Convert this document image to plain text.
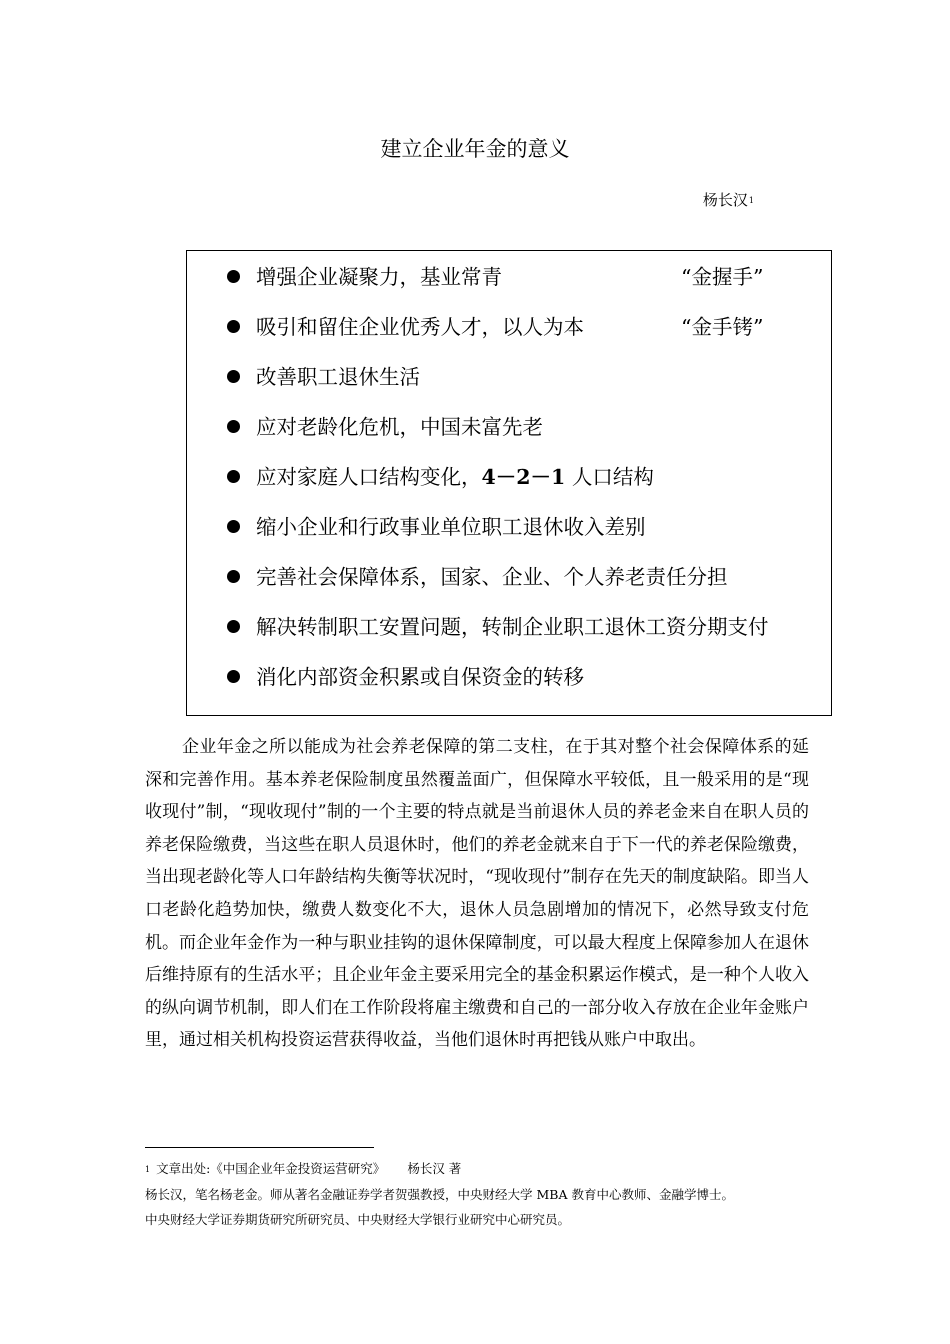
建立企业年金的意义
杨长汉$^1$
增强企业凝聚力，基业常青	“金握手”
吸引和留住企业优秀人才，以人为本	“金手铐”
改善职工退休生活
应对老龄化危机，中国未富先老
应对家庭人口结构变化，4－2－1 人口结构
缩小企业和行政事业单位职工退休收入差别
完善社会保障体系，国家、企业、个人养老责任分担
解决转制职工安置问题，转制企业职工退休工资分期支付
消化内部资金积累或自保资金的转移

企业年金之所以能成为社会养老保障的第二支柱，在于其对整个社会保障体系的延深和完善作用。基本养老保险制度虽然覆盖面广，但保障水平较低，且一般采用的是“现收现付”制，“现收现付”制的一个主要的特点就是当前退休人员的养老金来自在职人员的养老保险缴费，当这些在职人员退休时，他们的养老金就来自于下一代的养老保险缴费，当出现老龄化等人口年龄结构失衡等状况时，“现收现付”制存在先天的制度缺陷。即当人口老龄化趋势加快，缴费人数变化不大，退休人员急剧增加的情况下，必然导致支付危机。而企业年金作为一种与职业挂钩的退休保障制度，可以最大程度上保障参加人在退休后维持原有的生活水平；且企业年金主要采用完全的基金积累运作模式，是一种个人收入的纵向调节机制，即人们在工作阶段将雇主缴费和自己的一部分收入存放在企业年金账户里，通过相关机构投资运营获得收益，当他们退休时再把钱从账户中取出。

1 文章出处:《中国企业年金投资运营研究》 杨长汉 著
杨长汉，笔名杨老金。师从著名金融证券学者贺强教授，中央财经大学 MBA 教育中心教师、金融学博士。
中央财经大学证券期货研究所研究员、中央财经大学银行业研究中心研究员。
